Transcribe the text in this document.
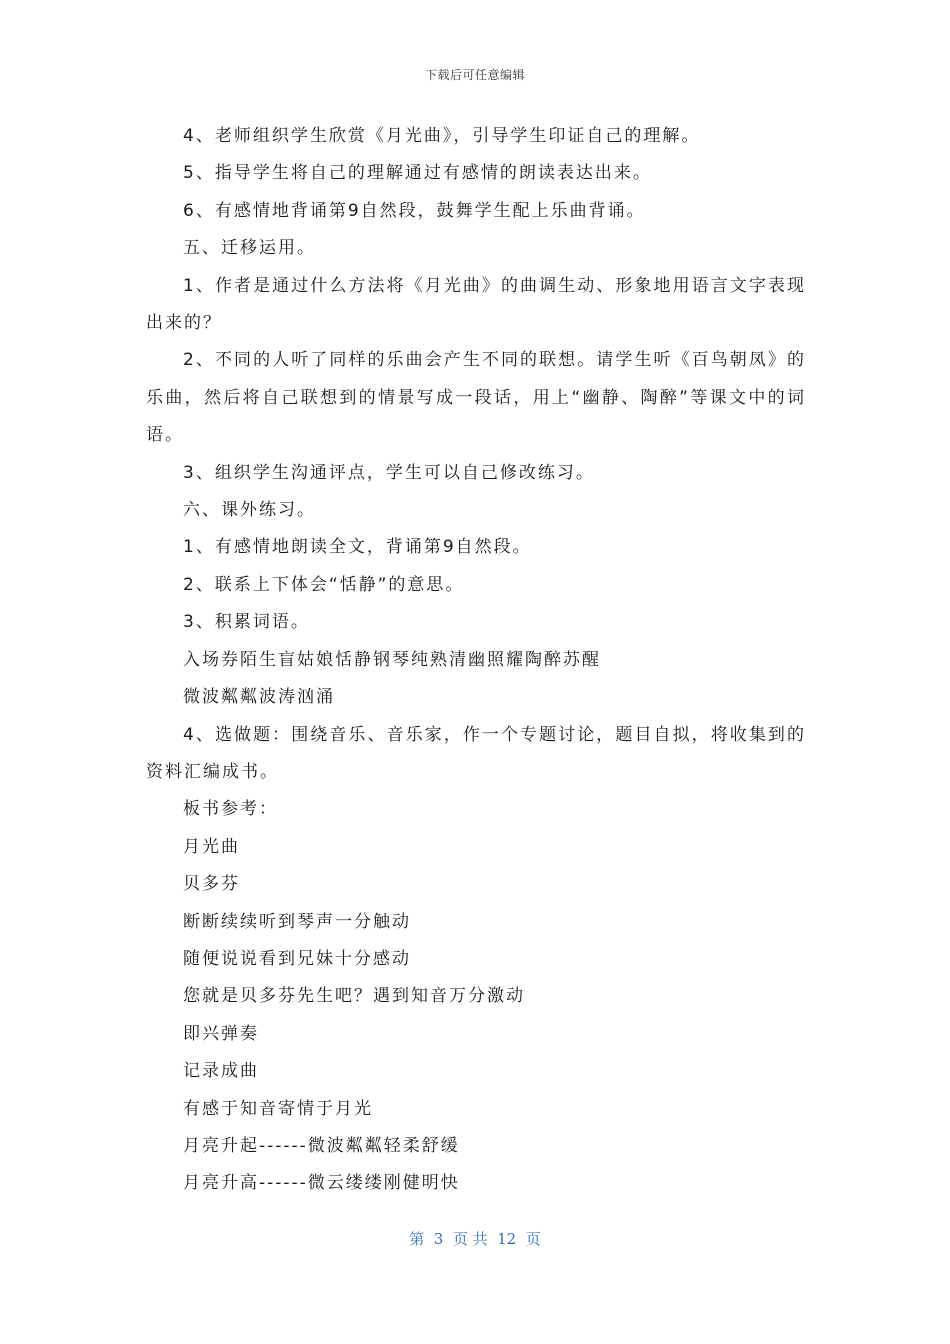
下载后可任意编辑

4、老师组织学生欣赏《月光曲》，引导学生印证自己的理解。

5、指导学生将自己的理解通过有感情的朗读表达出来。

6、有感情地背诵第9自然段，鼓舞学生配上乐曲背诵。

五、迁移运用。

1、作者是通过什么方法将《月光曲》的曲调生动、形象地用语言文字表现出来的？

2、不同的人听了同样的乐曲会产生不同的联想。请学生听《百鸟朝凤》的乐曲，然后将自己联想到的情景写成一段话，用上“幽静、陶醉”等课文中的词语。

3、组织学生沟通评点，学生可以自己修改练习。

六、课外练习。

1、有感情地朗读全文，背诵第9自然段。

2、联系上下体会“恬静”的意思。

3、积累词语。

入场券陌生盲姑娘恬静钢琴纯熟清幽照耀陶醉苏醒

微波粼粼波涛汹涌

4、选做题：围绕音乐、音乐家，作一个专题讨论，题目自拟，将收集到的资料汇编成书。

板书参考：

月光曲

贝多芬

断断续续听到琴声一分触动

随便说说看到兄妹十分感动

您就是贝多芬先生吧？遇到知音万分激动

即兴弹奏

记录成曲

有感于知音寄情于月光

月亮升起------微波粼粼轻柔舒缓

月亮升高------微云缕缕刚健明快

第  3  页 共  12  页
